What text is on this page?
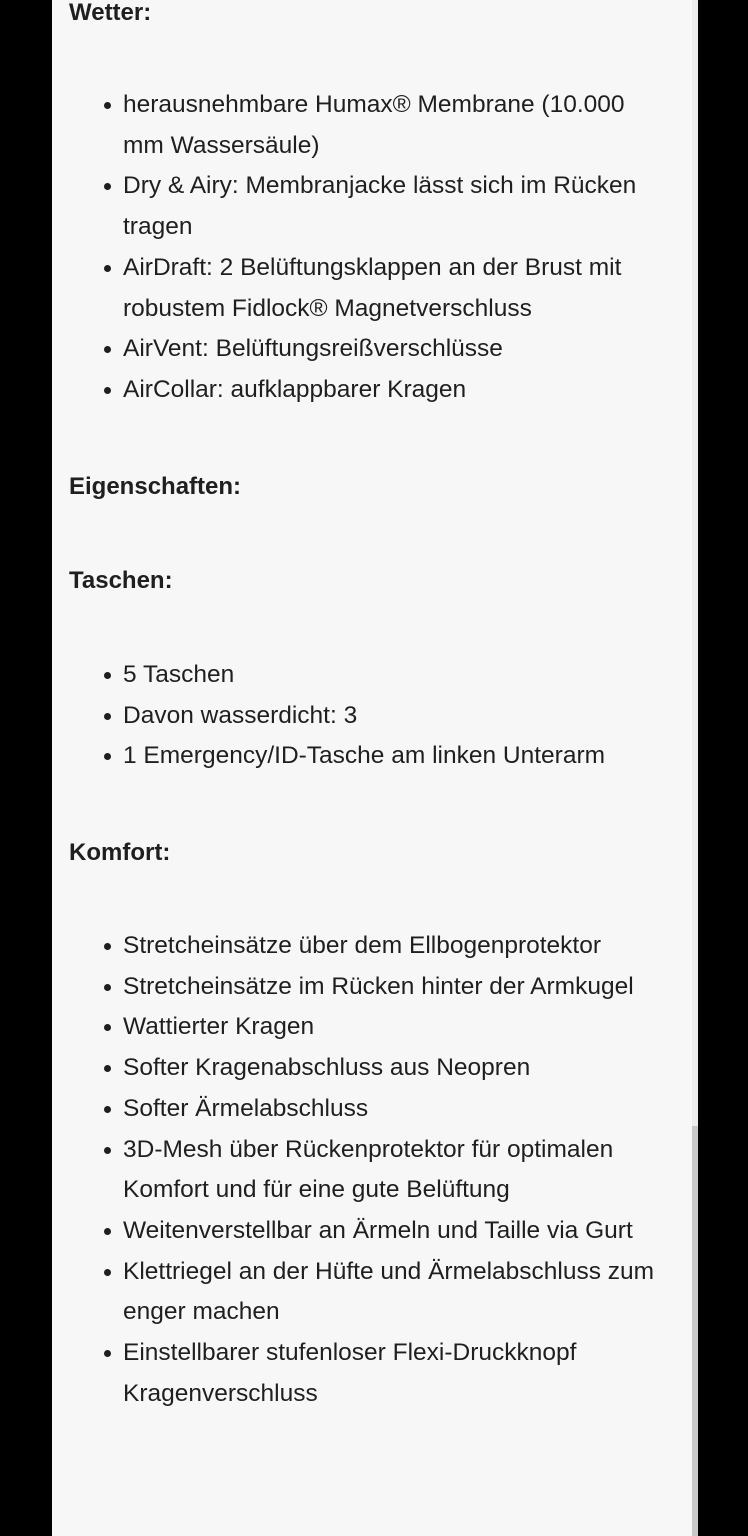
Wetter:
herausnehmbare Humax® Membrane (10.000 mm Wassersäule)
Dry & Airy: Membranjacke lässt sich im Rücken tragen
AirDraft: 2 Belüftungsklappen an der Brust mit robustem Fidlock® Magnetverschluss
AirVent: Belüftungsreißverschlüsse
AirCollar: aufklappbarer Kragen
Eigenschaften:
Taschen:
5 Taschen
Davon wasserdicht: 3
1 Emergency/ID-Tasche am linken Unterarm
Komfort:
Stretcheinsätze über dem Ellbogenprotektor
Stretcheinsätze im Rücken hinter der Armkugel
Wattierter Kragen
Softer Kragenabschluss aus Neopren
Softer Ärmelabschluss
3D-Mesh über Rückenprotektor für optimalen Komfort und für eine gute Belüftung
Weitenverstellbar an Ärmeln und Taille via Gurt
Klettriegel an der Hüfte und Ärmelabschluss zum enger machen
Einstellbarer stufenloser Flexi-Druckknopf Kragenverschluss
